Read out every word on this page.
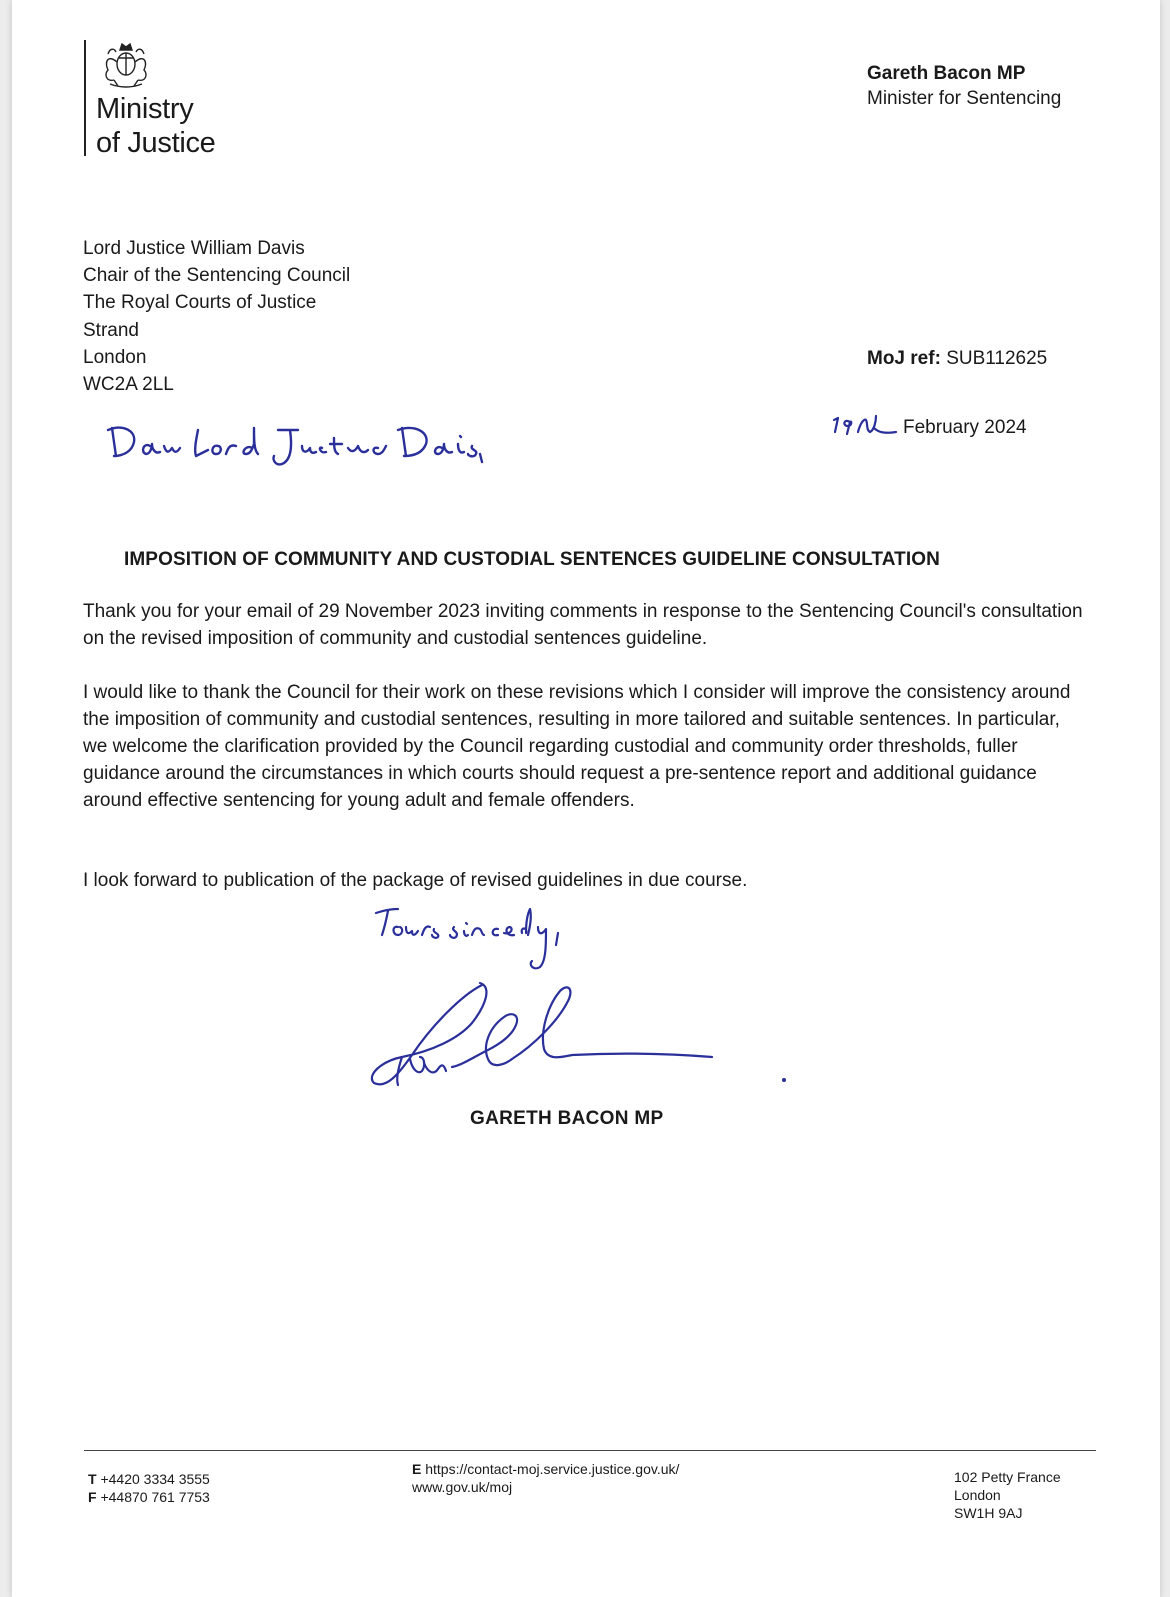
Ministry
of Justice
Gareth Bacon MP
Minister for Sentencing
Lord Justice William Davis
Chair of the Sentencing Council
The Royal Courts of Justice
Strand
London
WC2A 2LL
MoJ ref: SUB112625
February 2024
IMPOSITION OF COMMUNITY AND CUSTODIAL SENTENCES GUIDELINE CONSULTATION
Thank you for your email of 29 November 2023 inviting comments in response to the Sentencing Council's consultation on the revised imposition of community and custodial sentences guideline.
I would like to thank the Council for their work on these revisions which I consider will improve the consistency around the imposition of community and custodial sentences, resulting in more tailored and suitable sentences. In particular, we welcome the clarification provided by the Council regarding custodial and community order thresholds, fuller guidance around the circumstances in which courts should request a pre-sentence report and additional guidance around effective sentencing for young adult and female offenders.
I look forward to publication of the package of revised guidelines in due course.
GARETH BACON MP
T +4420 3334 3555
F +44870 761 7753
E https://contact-moj.service.justice.gov.uk/
www.gov.uk/moj
102 Petty France
London
SW1H 9AJ
